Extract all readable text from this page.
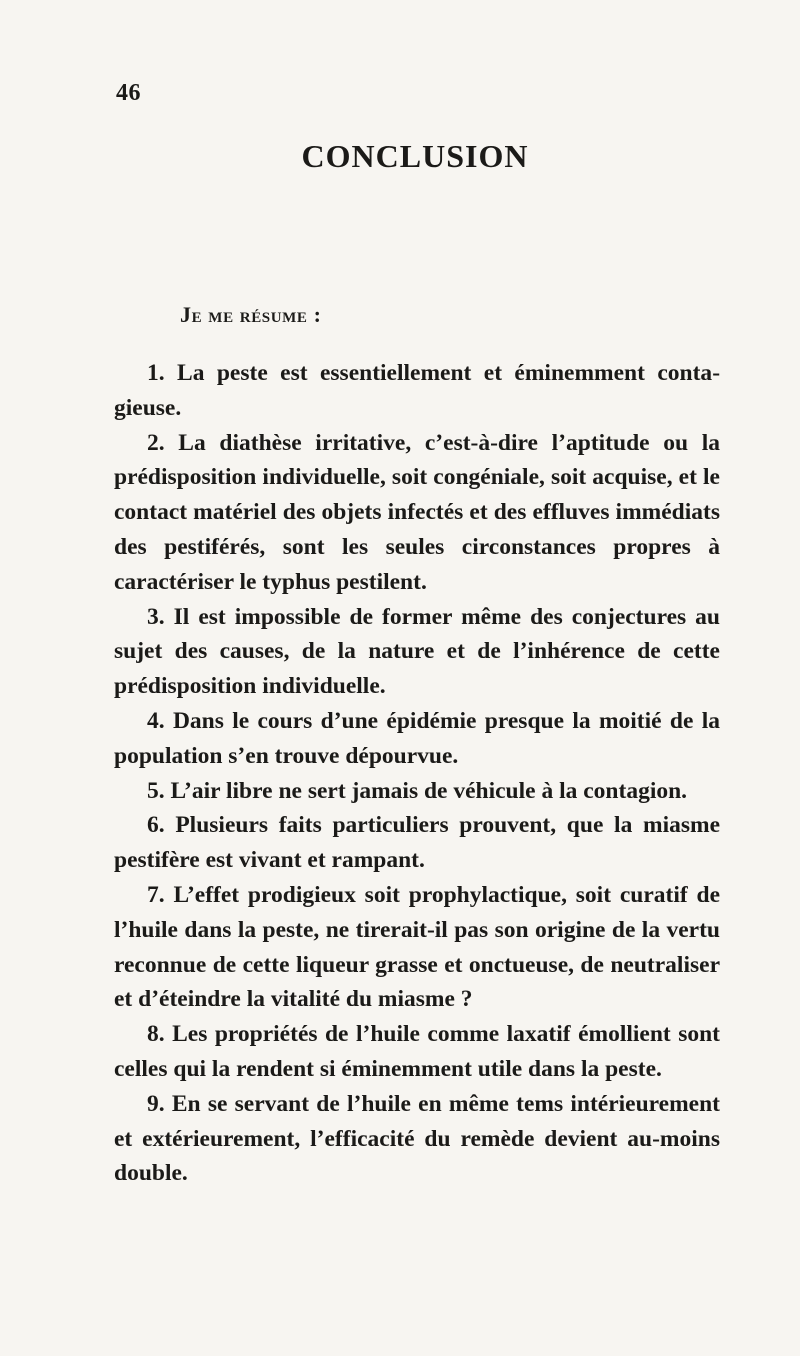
46
CONCLUSION
Je me résume :

1. La peste est essentiellement et éminemment contagieuse.

2. La diathèse irritative, c’est-à-dire l’aptitude ou la prédisposition individuelle, soit congéniale, soit acquise, et le contact matériel des objets infectés et des effluves immédiats des pestiférés, sont les seules circonstances propres à caractériser le typhus pestilent.

3. Il est impossible de former même des conjectures au sujet des causes, de la nature et de l’inhérence de cette prédisposition individuelle.

4. Dans le cours d’une épidémie presque la moitié de la population s’en trouve dépourvue.

5. L’air libre ne sert jamais de véhicule à la contagion.

6. Plusieurs faits particuliers prouvent, que la miasme pestifère est vivant et rampant.

7. L’effet prodigieux soit prophylactique, soit curatif de l’huile dans la peste, ne tirerait-il pas son origine de la vertu reconnue de cette liqueur grasse et onctueuse, de neutraliser et d’éteindre la vitalité du miasme ?

8. Les propriétés de l’huile comme laxatif émollient sont celles qui la rendent si éminemment utile dans la peste.

9. En se servant de l’huile en même tems intérieurement et extérieurement, l’efficacité du remède devient au-moins double.
